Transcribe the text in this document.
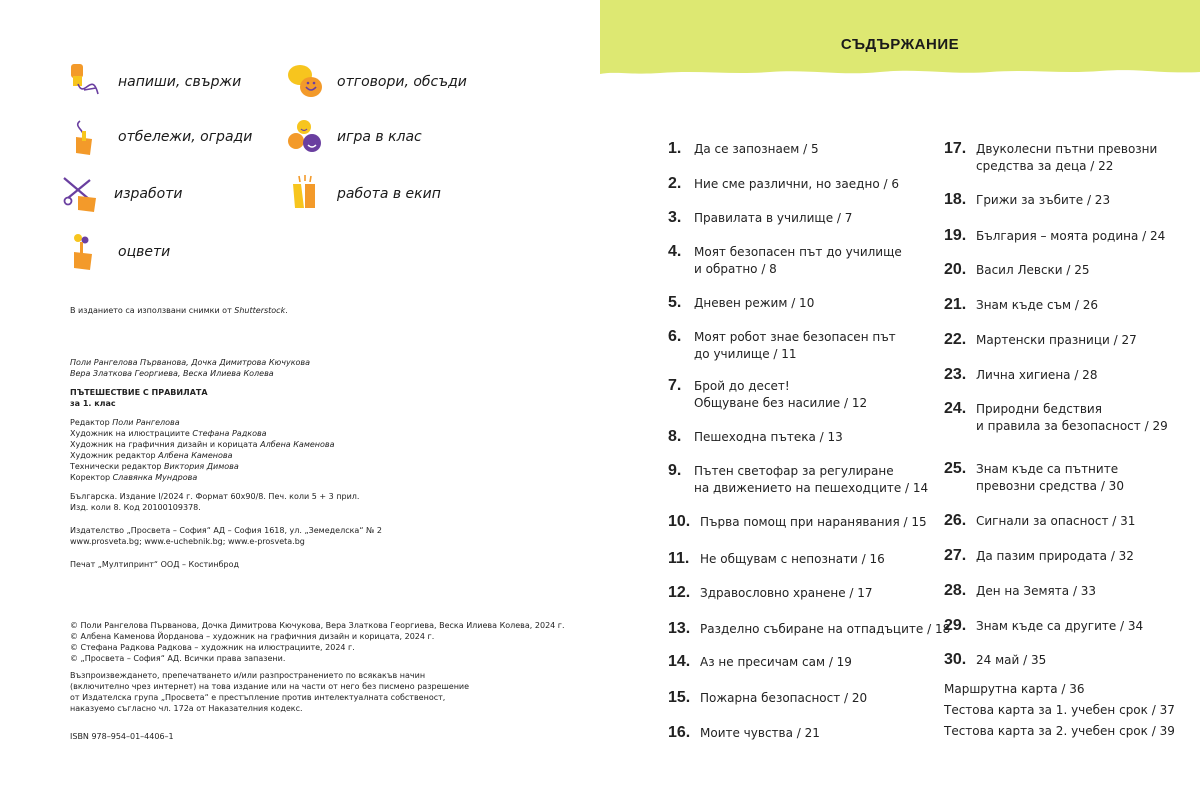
напиши, свържи	отговори, обсъди
отбележи, огради	игра в клас
изработи	работа в екип
оцвети
В изданието са използвани снимки от Shutterstock.
Поли Рангелова Първанова, Дочка Димитрова Кючукова
Вера Златкова Георгиева, Веска Илиева Колева
ПЪТЕШЕСТВИЕ С ПРАВИЛАТА
за 1. клас
Редактор Поли Рангелова
Художник на илюстрациите Стефана Радкова
Художник на графичния дизайн и корицата Албена Каменова
Художник редактор Албена Каменова
Технически редактор Виктория Димова
Коректор Славянка Мундрова
Българска. Издание I/2024 г. Формат 60х90/8. Печ. коли 5 + 3 прил.
Изд. коли 8. Код 20100109378.
Издателство „Просвета – София“ АД – София 1618, ул. „Земеделска“ № 2
www.prosveta.bg; www.e-uchebnik.bg; www.e-prosveta.bg
Печат „Мултипринт“ ООД – Костинброд
© Поли Рангелова Първанова, Дочка Димитрова Кючукова, Вера Златкова Георгиева, Веска Илиева Колева, 2024 г.
© Албена Каменова Йорданова – художник на графичния дизайн и корицата, 2024 г.
© Стефана Радкова Радкова – художник на илюстрациите, 2024 г.
© „Просвета – София“ АД. Всички права запазени.
Възпроизвеждането, препечатването и/или разпространението по всякакъв начин
(включително чрез интернет) на това издание или на части от него без писмено разрешение
от Издателска група „Просвета“ е престъпление против интелектуалната собственост,
наказуемо съгласно чл. 172а от Наказателния кодекс.
ISBN 978–954–01–4406–1
СЪДЪРЖАНИЕ
1.	Да се запознаем / 5
2.	Ние сме различни, но заедно / 6
3.	Правилата в училище / 7
4.	Моят безопасен път до училище
и обратно / 8
5.	Дневен режим / 10
6.	Моят робот знае безопасен път
до училище / 11
7.	Брой до десет!
Общуване без насилие / 12
8.	Пешеходна пътека / 13
9.	Пътен светофар за регулиране
на движението на пешеходците / 14
10. Първа помощ при наранявания / 15
11. Не общувам с непознати / 16
12. Здравословно хранене / 17
13. Разделно събиране на отпадъците / 18
14. Аз не пресичам сам / 19
15. Пожарна безопасност / 20
16. Моите чувства / 21
17. Двуколесни пътни превозни
средства за деца / 22
18. Грижи за зъбите / 23
19. България – моята родина / 24
20. Васил Левски / 25
21. Знам къде съм / 26
22. Мартенски празници / 27
23. Лична хигиена / 28
24. Природни бедствия
и правила за безопасност / 29
25. Знам къде са пътните
превозни средства / 30
26. Сигнали за опасност / 31
27. Да пазим природата / 32
28. Ден на Земята / 33
29. Знам къде са другите / 34
30. 24 май / 35
Маршрутна карта / 36
Тестова карта за 1. учебен срок / 37
Тестова карта за 2. учебен срок / 39
